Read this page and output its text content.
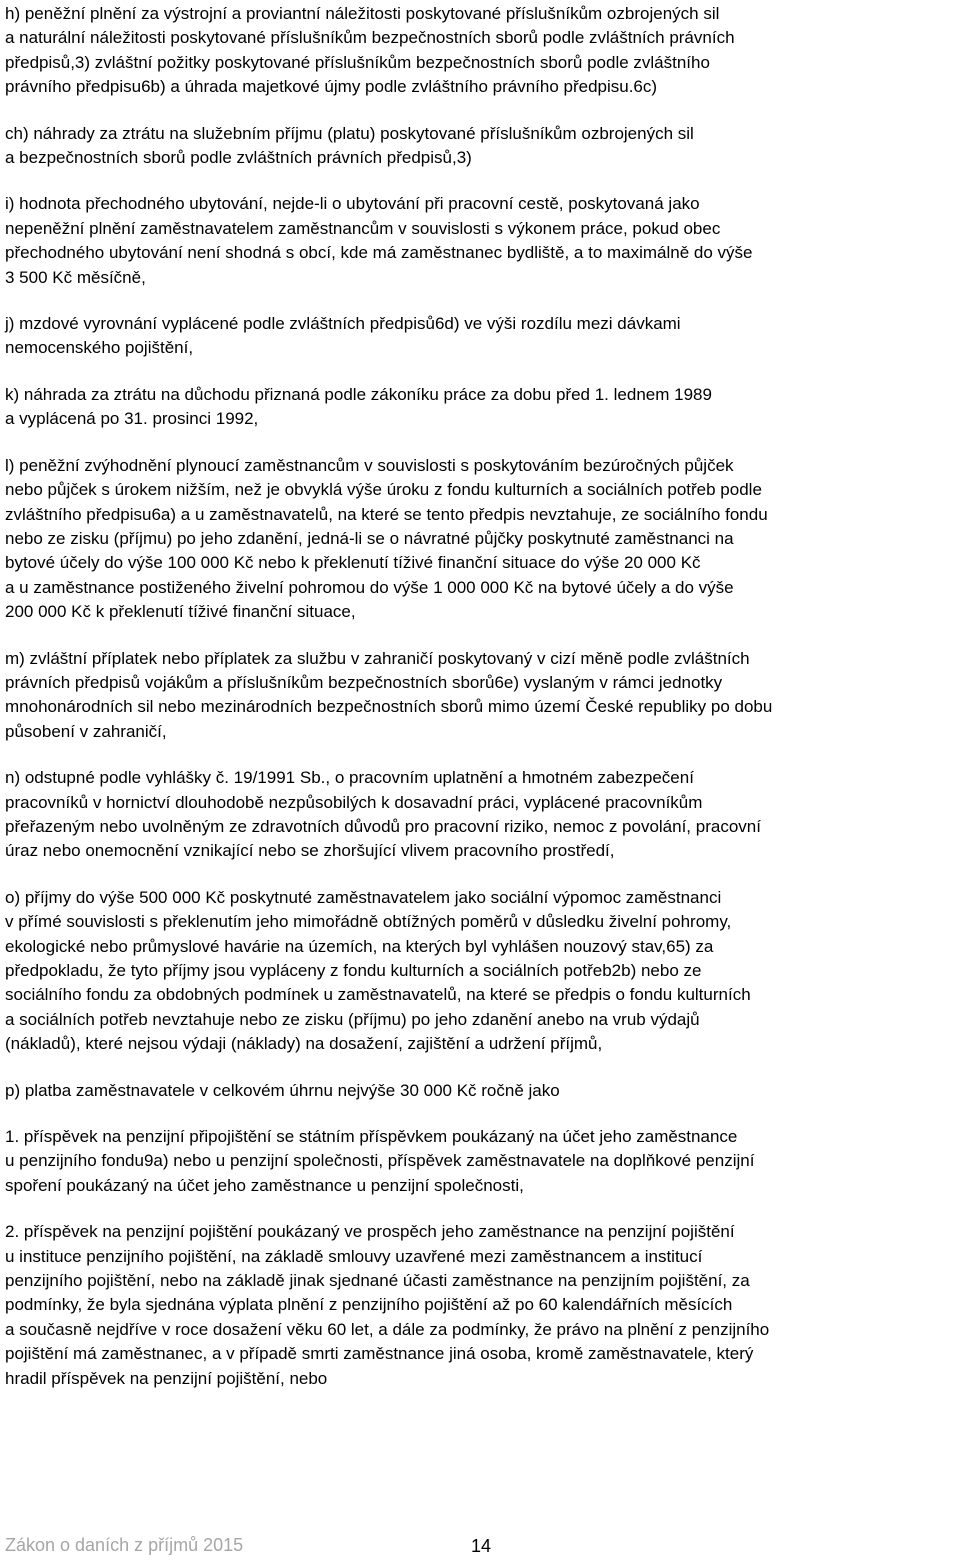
h) peněžní plnění za výstrojní a proviantní náležitosti poskytované příslušníkům ozbrojených sil
a naturální náležitosti poskytované příslušníkům bezpečnostních sborů podle zvláštních právních
předpisů,3) zvláštní požitky poskytované příslušníkům bezpečnostních sborů podle zvláštního
právního předpisu6b) a úhrada majetkové újmy podle zvláštního právního předpisu.6c)

ch) náhrady za ztrátu na služebním příjmu (platu) poskytované příslušníkům ozbrojených sil
a bezpečnostních sborů podle zvláštních právních předpisů,3)

i) hodnota přechodného ubytování, nejde-li o ubytování při pracovní cestě, poskytovaná jako
nepeněžní plnění zaměstnavatelem zaměstnancům v souvislosti s výkonem práce, pokud obec
přechodného ubytování není shodná s obcí, kde má zaměstnanec bydliště, a to maximálně do výše
3 500 Kč měsíčně,

j) mzdové vyrovnání vyplácené podle zvláštních předpisů6d) ve výši rozdílu mezi dávkami
nemocenského pojištění,

k) náhrada za ztrátu na důchodu přiznaná podle zákoníku práce za dobu před 1. lednem 1989
a vyplácená po 31. prosinci 1992,

l) peněžní zvýhodnění plynoucí zaměstnancům v souvislosti s poskytováním bezúročných půjček
nebo půjček s úrokem nižším, než je obvyklá výše úroku z fondu kulturních a sociálních potřeb podle
zvláštního předpisu6a) a u zaměstnavatelů, na které se tento předpis nevztahuje, ze sociálního fondu
nebo ze zisku (příjmu) po jeho zdanění, jedná-li se o návratné půjčky poskytnuté zaměstnanci na
bytové účely do výše 100 000 Kč nebo k překlenutí tíživé finanční situace do výše 20 000 Kč
a u zaměstnance postiženého živelní pohromou do výše 1 000 000 Kč na bytové účely a do výše
200 000 Kč k překlenutí tíživé finanční situace,

m) zvláštní příplatek nebo příplatek za službu v zahraničí poskytovaný v cizí měně podle zvláštních
právních předpisů vojákům a příslušníkům bezpečnostních sborů6e) vyslaným v rámci jednotky
mnohonárodních sil nebo mezinárodních bezpečnostních sborů mimo území České republiky po dobu
působení v zahraničí,

n) odstupné podle vyhlášky č. 19/1991 Sb., o pracovním uplatnění a hmotném zabezpečení
pracovníků v hornictví dlouhodobě nezpůsobilých k dosavadní práci, vyplácené pracovníkům
přeřazeným nebo uvolněným ze zdravotních důvodů pro pracovní riziko, nemoc z povolání, pracovní
úraz nebo onemocnění vznikající nebo se zhoršující vlivem pracovního prostředí,

o) příjmy do výše 500 000 Kč poskytnuté zaměstnavatelem jako sociální výpomoc zaměstnanci
v přímé souvislosti s překlenutím jeho mimořádně obtížných poměrů v důsledku živelní pohromy,
ekologické nebo průmyslové havárie na územích, na kterých byl vyhlášen nouzový stav,65) za
předpokladu, že tyto příjmy jsou vypláceny z fondu kulturních a sociálních potřeb2b) nebo ze
sociálního fondu za obdobných podmínek u zaměstnavatelů, na které se předpis o fondu kulturních
a sociálních potřeb nevztahuje nebo ze zisku (příjmu) po jeho zdanění anebo na vrub výdajů
(nákladů), které nejsou výdaji (náklady) na dosažení, zajištění a udržení příjmů,

p) platba zaměstnavatele v celkovém úhrnu nejvýše 30 000 Kč ročně jako

1. příspěvek na penzijní připojištění se státním příspěvkem poukázaný na účet jeho zaměstnance
u penzijního fondu9a) nebo u penzijní společnosti, příspěvek zaměstnavatele na doplňkové penzijní
spoření poukázaný na účet jeho zaměstnance u penzijní společnosti,

2. příspěvek na penzijní pojištění poukázaný ve prospěch jeho zaměstnance na penzijní pojištění
u instituce penzijního pojištění, na základě smlouvy uzavřené mezi zaměstnancem a institucí
penzijního pojištění, nebo na základě jinak sjednané účasti zaměstnance na penzijním pojištění, za
podmínky, že byla sjednána výplata plnění z penzijního pojištění až po 60 kalendářních měsících
a současně nejdříve v roce dosažení věku 60 let, a dále za podmínky, že právo na plnění z penzijního
pojištění má zaměstnanec, a v případě smrti zaměstnance jiná osoba, kromě zaměstnavatele, který
hradil příspěvek na penzijní pojištění, nebo

Zákon o daních z příjmů 2015	14
